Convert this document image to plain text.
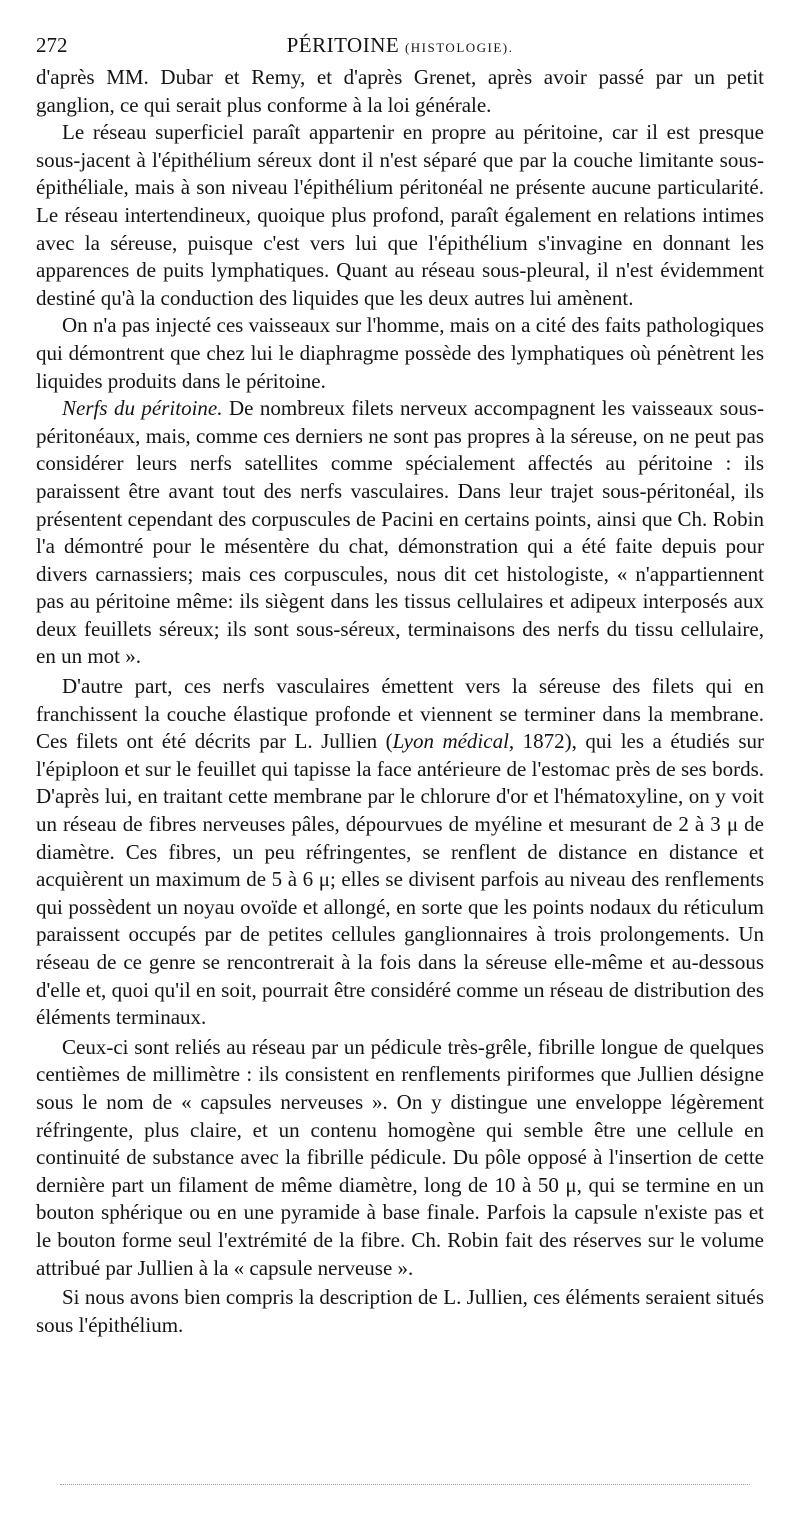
272	PÉRITOINE (HISTOLOGIE).

d'après MM. Dubar et Remy, et d'après Grenet, après avoir passé par un petit ganglion, ce qui serait plus conforme à la loi générale.

Le réseau superficiel paraît appartenir en propre au péritoine, car il est presque sous-jacent à l'épithélium séreux dont il n'est séparé que par la couche limitante sous-épithéliale, mais à son niveau l'épithélium péritonéal ne présente aucune particularité. Le réseau intertendineux, quoique plus profond, paraît également en relations intimes avec la séreuse, puisque c'est vers lui que l'épithélium s'invagine en donnant les apparences de puits lymphatiques. Quant au réseau sous-pleural, il n'est évidemment destiné qu'à la conduction des liquides que les deux autres lui amènent.

On n'a pas injecté ces vaisseaux sur l'homme, mais on a cité des faits pathologiques qui démontrent que chez lui le diaphragme possède des lymphatiques où pénètrent les liquides produits dans le péritoine.

Nerfs du péritoine. De nombreux filets nerveux accompagnent les vaisseaux sous-péritonéaux, mais, comme ces derniers ne sont pas propres à la séreuse, on ne peut pas considérer leurs nerfs satellites comme spécialement affectés au péritoine : ils paraissent être avant tout des nerfs vasculaires. Dans leur trajet sous-péritonéal, ils présentent cependant des corpuscules de Pacini en certains points, ainsi que Ch. Robin l'a démontré pour le mésentère du chat, démonstration qui a été faite depuis pour divers carnassiers; mais ces corpuscules, nous dit cet histologiste, « n'appartiennent pas au péritoine même: ils siègent dans les tissus cellulaires et adipeux interposés aux deux feuillets séreux; ils sont sous-séreux, terminaisons des nerfs du tissu cellulaire, en un mot ».

D'autre part, ces nerfs vasculaires émettent vers la séreuse des filets qui en franchissent la couche élastique profonde et viennent se terminer dans la membrane. Ces filets ont été décrits par L. Jullien (Lyon médical, 1872), qui les a étudiés sur l'épiploon et sur le feuillet qui tapisse la face antérieure de l'estomac près de ses bords. D'après lui, en traitant cette membrane par le chlorure d'or et l'hématoxyline, on y voit un réseau de fibres nerveuses pâles, dépourvues de myéline et mesurant de 2 à 3 μ de diamètre. Ces fibres, un peu réfringentes, se renflent de distance en distance et acquièrent un maximum de 5 à 6 μ; elles se divisent parfois au niveau des renflements qui possèdent un noyau ovoïde et allongé, en sorte que les points nodaux du réticulum paraissent occupés par de petites cellules ganglionnaires à trois prolongements. Un réseau de ce genre se rencontrerait à la fois dans la séreuse elle-même et au-dessous d'elle et, quoi qu'il en soit, pourrait être considéré comme un réseau de distribution des éléments terminaux.

Ceux-ci sont reliés au réseau par un pédicule très-grêle, fibrille longue de quelques centièmes de millimètre : ils consistent en renflements piriformes que Jullien désigne sous le nom de « capsules nerveuses ». On y distingue une enveloppe légèrement réfringente, plus claire, et un contenu homogène qui semble être une cellule en continuité de substance avec la fibrille pédicule. Du pôle opposé à l'insertion de cette dernière part un filament de même diamètre, long de 10 à 50 μ, qui se termine en un bouton sphérique ou en une pyramide à base finale. Parfois la capsule n'existe pas et le bouton forme seul l'extrémité de la fibre. Ch. Robin fait des réserves sur le volume attribué par Jullien à la « capsule nerveuse ».

Si nous avons bien compris la description de L. Jullien, ces éléments seraient situés sous l'épithélium.
